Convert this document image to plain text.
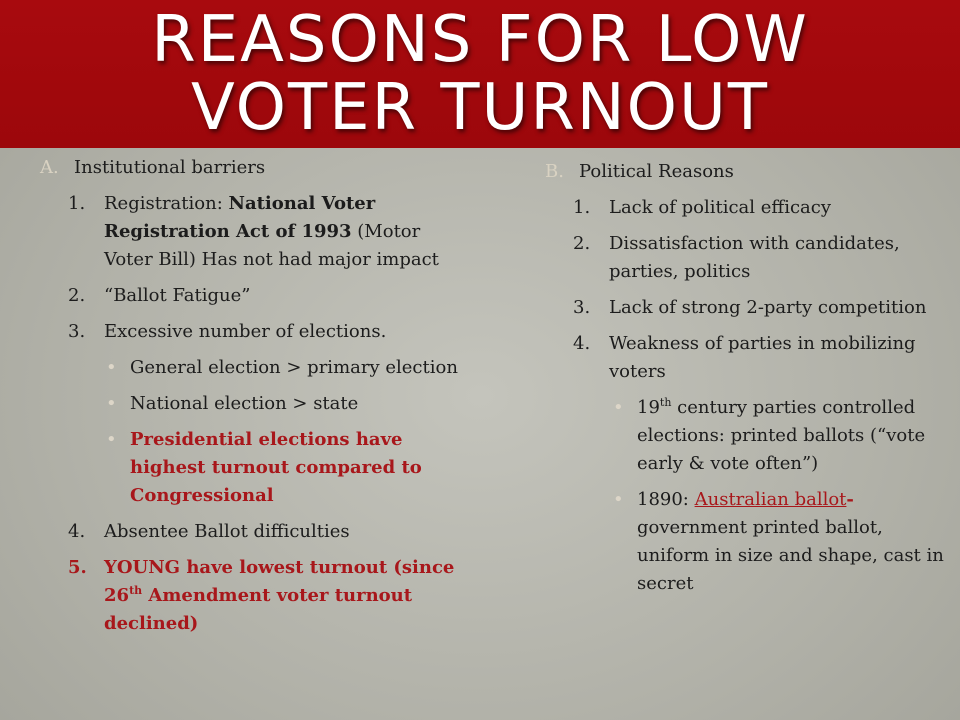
REASONS FOR LOW
VOTER TURNOUT
A. Institutional barriers
1.	Registration: National Voter Registration Act of 1993 (Motor Voter Bill) Has not had major impact
2.	“Ballot Fatigue”
3.	Excessive number of elections.
• General election > primary election
• National election > state
• Presidential elections have highest turnout compared to Congressional
4.	Absentee Ballot difficulties
5. YOUNG have lowest turnout (since 26th Amendment voter turnout declined)
B. Political Reasons
1.	Lack of political efficacy
2.	Dissatisfaction with candidates, parties, politics
3.	Lack of strong 2-party competition
4.	Weakness of parties in mobilizing voters
• 19th century parties controlled elections: printed ballots (“vote early & vote often”)
• 1890: Australian ballot- government printed ballot, uniform in size and shape, cast in secret
